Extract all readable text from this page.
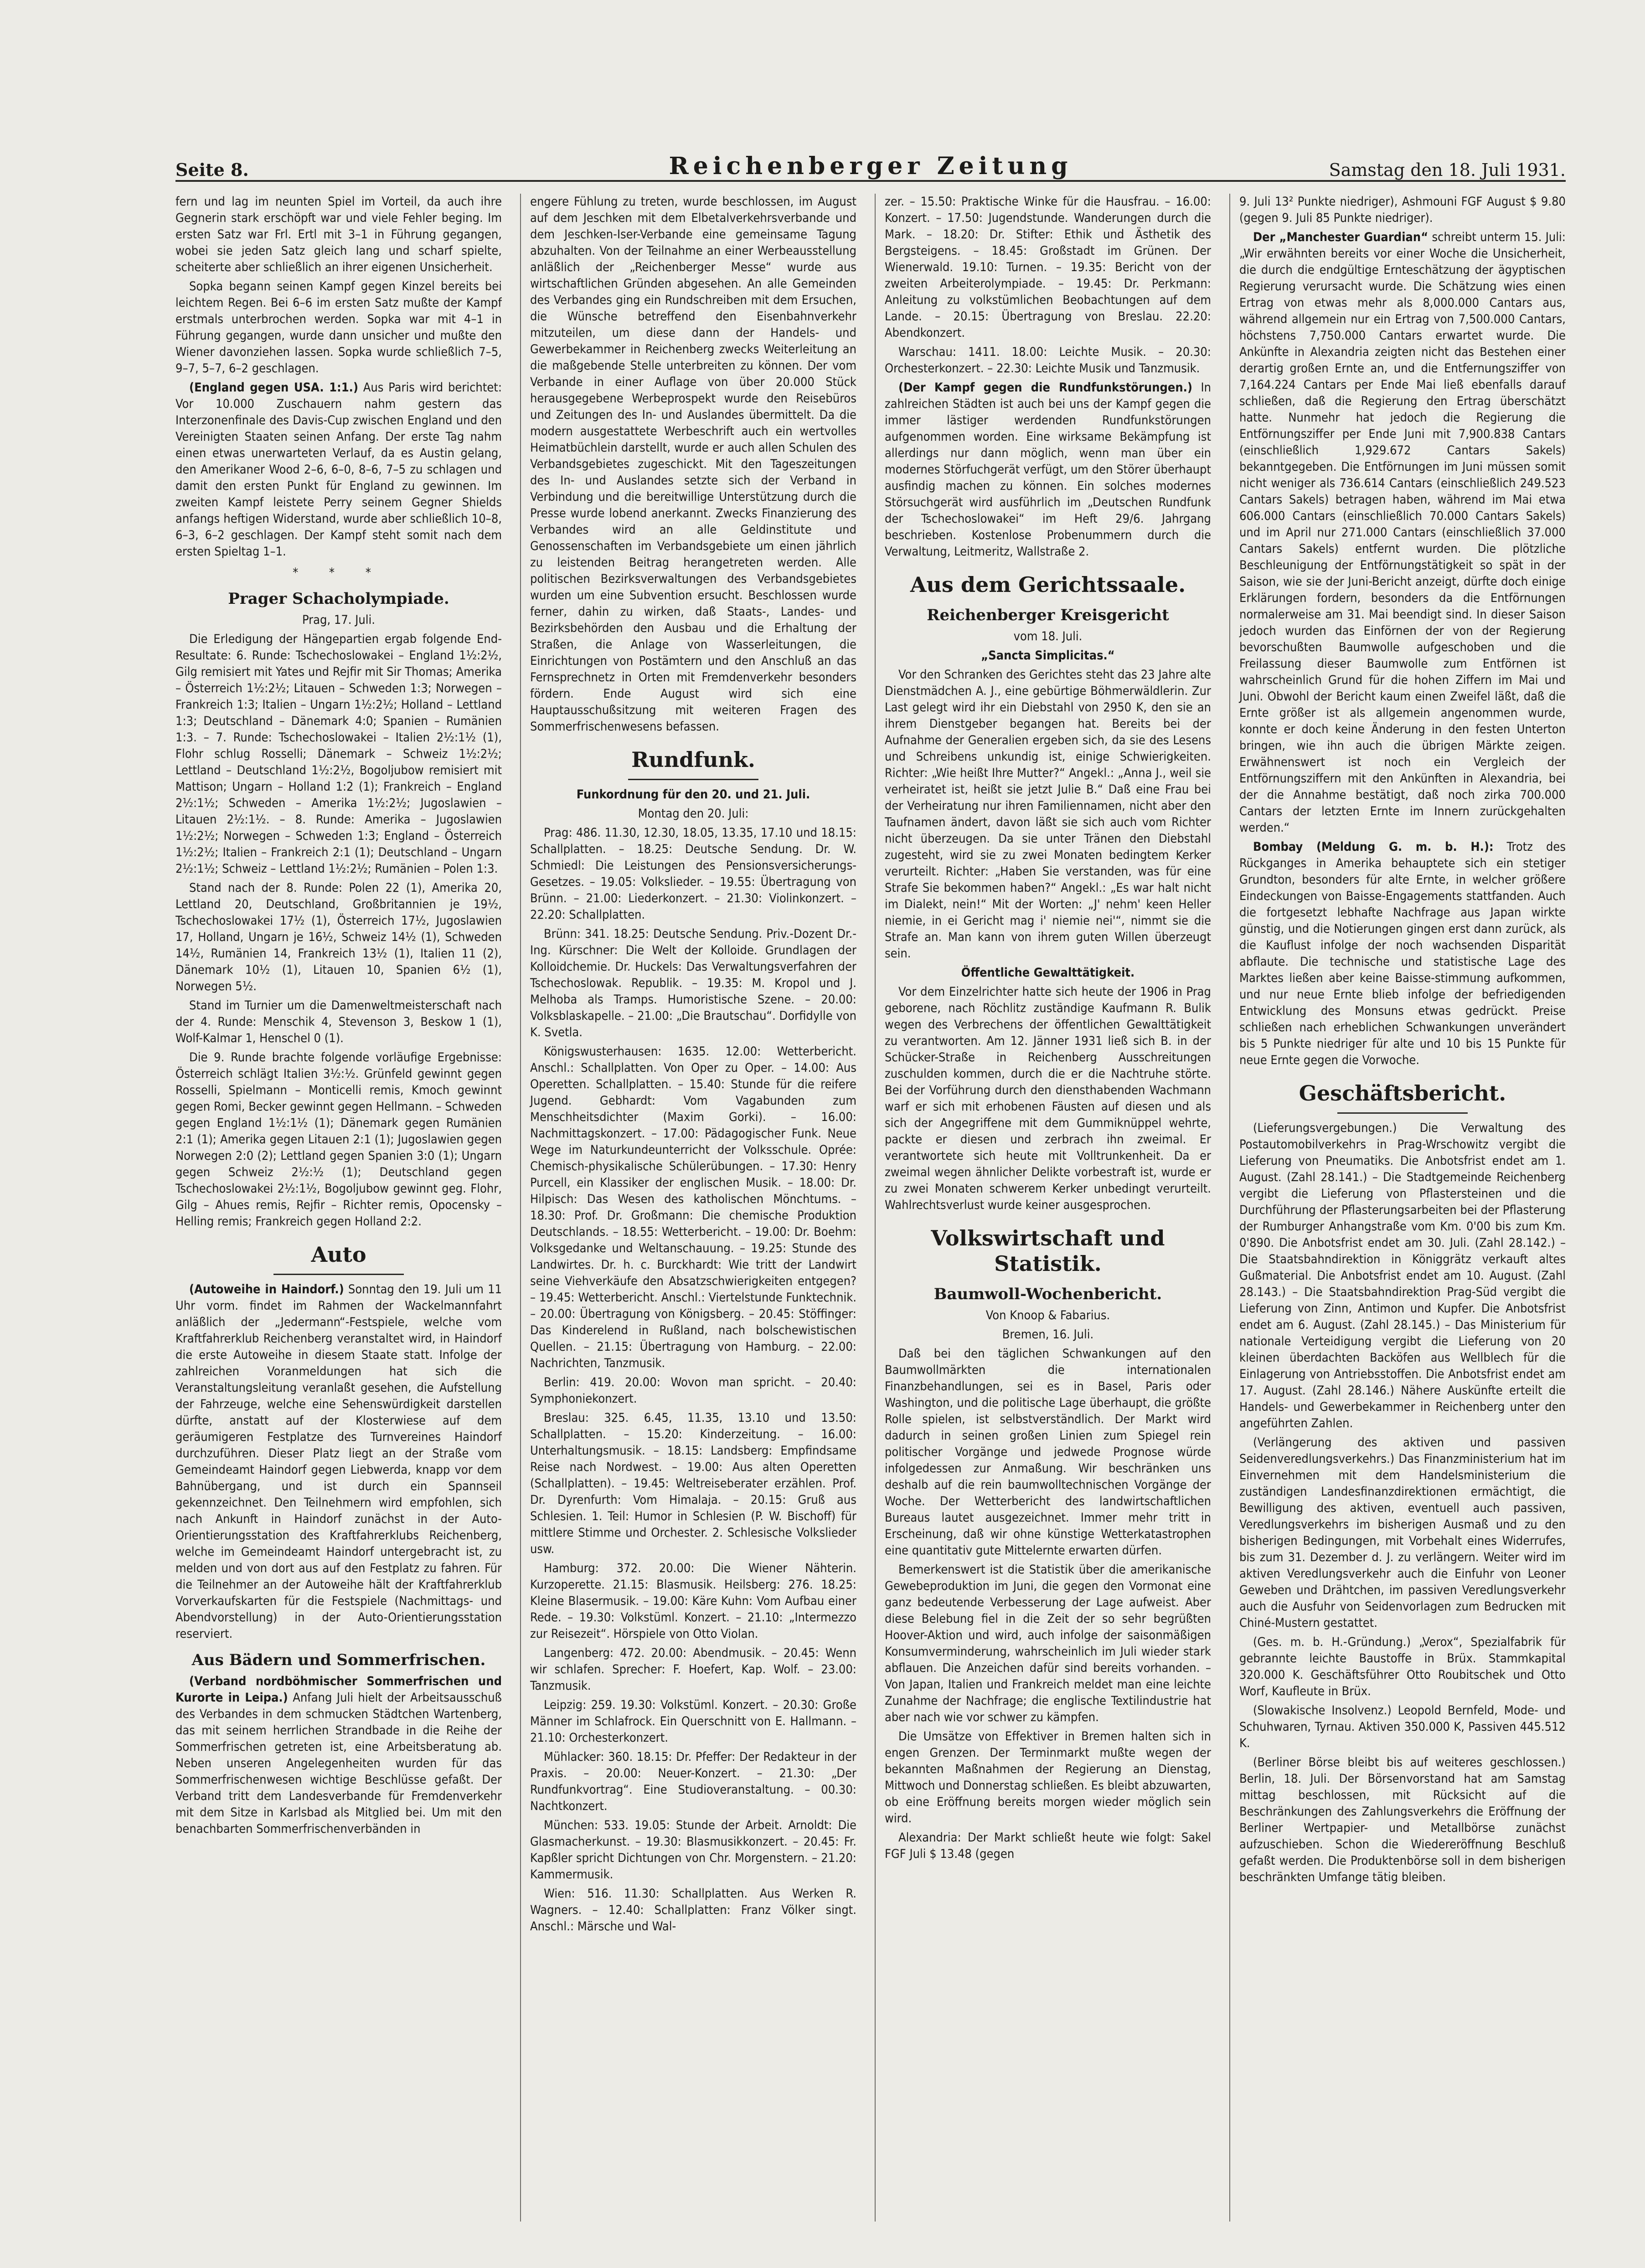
Seite 8.	Reichenberger Zeitung	Samstag den 18. Juli 1931.

fern und lag im neunten Spiel im Vorteil, da auch ihre Gegnerin stark erschöpft war und viele Fehler beging. Im ersten Satz war Frl. Ertl mit 3–1 in Führung gegangen, wobei sie jeden Satz gleich lang und scharf spielte, scheiterte aber schließlich an ihrer eigenen Unsicherheit.

Sopka begann seinen Kampf gegen Kinzel bereits bei leichtem Regen. Bei 6–6 im ersten Satz mußte der Kampf erstmals unterbrochen werden. Sopka war mit 4–1 in Führung gegangen, wurde dann unsicher und mußte den Wiener davonziehen lassen. Sopka wurde schließlich 7–5, 9–7, 5–7, 6–2 geschlagen.

(England gegen USA. 1:1.) Aus Paris wird berichtet: Vor 10.000 Zuschauern nahm gestern das Interzonenfinale des Davis-Cup zwischen England und den Vereinigten Staaten seinen Anfang. Der erste Tag nahm einen etwas unerwarteten Verlauf, da es Austin gelang, den Amerikaner Wood 2–6, 6–0, 8–6, 7–5 zu schlagen und damit den ersten Punkt für England zu gewinnen. Im zweiten Kampf leistete Perry seinem Gegner Shields anfangs heftigen Widerstand, wurde aber schließlich 10–8, 6–3, 6–2 geschlagen. Der Kampf steht somit nach dem ersten Spieltag 1–1.

* * *
Prager Schacholympiade.
Prag, 17. Juli.

Die Erledigung der Hängepartien ergab folgende End-Resultate: 6. Runde: Tschechoslowakei – England 1½:2½, Gilg remisiert mit Yates und Rejfir mit Sir Thomas; Amerika – Österreich 1½:2½; Litauen – Schweden 1:3; Norwegen – Frankreich 1:3; Italien – Ungarn 1½:2½; Holland – Lettland 1:3; Deutschland – Dänemark 4:0; Spanien – Rumänien 1:3. – 7. Runde: Tschechoslowakei – Italien 2½:1½ (1), Flohr schlug Rosselli; Dänemark – Schweiz 1½:2½; Lettland – Deutschland 1½:2½, Bogoljubow remisiert mit Mattison; Ungarn – Holland 1:2 (1); Frankreich – England 2½:1½; Schweden – Amerika 1½:2½; Jugoslawien – Litauen 2½:1½. – 8. Runde: Amerika – Jugoslawien 1½:2½; Norwegen – Schweden 1:3; England – Österreich 1½:2½; Italien – Frankreich 2:1 (1); Deutschland – Ungarn 2½:1½; Schweiz – Lettland 1½:2½; Rumänien – Polen 1:3.

Stand nach der 8. Runde: Polen 22 (1), Amerika 20, Lettland 20, Deutschland, Großbritannien je 19½, Tschechoslowakei 17½ (1), Österreich 17½, Jugoslawien 17, Holland, Ungarn je 16½, Schweiz 14½ (1), Schweden 14½, Rumänien 14, Frankreich 13½ (1), Italien 11 (2), Dänemark 10½ (1), Litauen 10, Spanien 6½ (1), Norwegen 5½.

Stand im Turnier um die Damenweltmeisterschaft nach der 4. Runde: Menschik 4, Stevenson 3, Beskow 1 (1), Wolf-Kalmar 1, Henschel 0 (1).

Die 9. Runde brachte folgende vorläufige Ergebnisse: Österreich schlägt Italien 3½:½. Grünfeld gewinnt gegen Rosselli, Spielmann – Monticelli remis, Kmoch gewinnt gegen Romi, Becker gewinnt gegen Hellmann. – Schweden gegen England 1½:1½ (1); Dänemark gegen Rumänien 2:1 (1); Amerika gegen Litauen 2:1 (1); Jugoslawien gegen Norwegen 2:0 (2); Lettland gegen Spanien 3:0 (1); Ungarn gegen Schweiz 2½:½ (1); Deutschland gegen Tschechoslowakei 2½:1½, Bogoljubow gewinnt geg. Flohr, Gilg – Ahues remis, Rejfir – Richter remis, Opocensky – Helling remis; Frankreich gegen Holland 2:2.

Auto

(Autoweihe in Haindorf.) Sonntag den 19. Juli um 11 Uhr vorm. findet im Rahmen der Wackelmannfahrt anläßlich der „Jedermann“-Festspiele, welche vom Kraftfahrerklub Reichenberg veranstaltet wird, in Haindorf die erste Autoweihe in diesem Staate statt. Infolge der zahlreichen Voranmeldungen hat sich die Veranstaltungsleitung veranlaßt gesehen, die Aufstellung der Fahrzeuge, welche eine Sehenswürdigkeit darstellen dürfte, anstatt auf der Klosterwiese auf dem geräumigeren Festplatze des Turnvereines Haindorf durchzuführen. Dieser Platz liegt an der Straße vom Gemeindeamt Haindorf gegen Liebwerda, knapp vor dem Bahnübergang, und ist durch ein Spannseil gekennzeichnet. Den Teilnehmern wird empfohlen, sich nach Ankunft in Haindorf zunächst in der Auto-Orientierungsstation des Kraftfahrerklubs Reichenberg, welche im Gemeindeamt Haindorf untergebracht ist, zu melden und von dort aus auf den Festplatz zu fahren. Für die Teilnehmer an der Autoweihe hält der Kraftfahrerklub Vorverkaufskarten für die Festspiele (Nachmittags- und Abendvorstellung) in der Auto-Orientierungsstation reserviert.

Aus Bädern und Sommerfrischen.

(Verband nordböhmischer Sommerfrischen und Kurorte in Leipa.) Anfang Juli hielt der Arbeitsausschuß des Verbandes in dem schmucken Städtchen Wartenberg, das mit seinem herrlichen Strandbade in die Reihe der Sommerfrischen getreten ist, eine Arbeitsberatung ab. Neben unseren Angelegenheiten wurden für das Sommerfrischenwesen wichtige Beschlüsse gefaßt. Der Verband tritt dem Landesverbande für Fremdenverkehr mit dem Sitze in Karlsbad als Mitglied bei. Um mit den benachbarten Sommerfrischenverbänden in

engere Fühlung zu treten, wurde beschlossen, im August auf dem Jeschken mit dem Elbetalverkehrsverbande und dem Jeschken-Iser-Verbande eine gemeinsame Tagung abzuhalten. Von der Teilnahme an einer Werbeausstellung anläßlich der „Reichenberger Messe“ wurde aus wirtschaftlichen Gründen abgesehen. An alle Gemeinden des Verbandes ging ein Rundschreiben mit dem Ersuchen, die Wünsche betreffend den Eisenbahnverkehr mitzuteilen, um diese dann der Handels- und Gewerbekammer in Reichenberg zwecks Weiterleitung an die maßgebende Stelle unterbreiten zu können. Der vom Verbande in einer Auflage von über 20.000 Stück herausgegebene Werbeprospekt wurde den Reisebüros und Zeitungen des In- und Auslandes übermittelt. Da die modern ausgestattete Werbeschrift auch ein wertvolles Heimatbüchlein darstellt, wurde er auch allen Schulen des Verbandsgebietes zugeschickt. Mit den Tageszeitungen des In- und Auslandes setzte sich der Verband in Verbindung und die bereitwillige Unterstützung durch die Presse wurde lobend anerkannt. Zwecks Finanzierung des Verbandes wird an alle Geldinstitute und Genossenschaften im Verbandsgebiete um einen jährlich zu leistenden Beitrag herangetreten werden. Alle politischen Bezirksverwaltungen des Verbandsgebietes wurden um eine Subvention ersucht. Beschlossen wurde ferner, dahin zu wirken, daß Staats-, Landes- und Bezirksbehörden den Ausbau und die Erhaltung der Straßen, die Anlage von Wasserleitungen, die Einrichtungen von Postämtern und den Anschluß an das Fernsprechnetz in Orten mit Fremdenverkehr besonders fördern. Ende August wird sich eine Hauptausschußsitzung mit weiteren Fragen des Sommerfrischenwesens befassen.

Rundfunk.
Funkordnung für den 20. und 21. Juli.
Montag den 20. Juli:

Prag: 486. 11.30, 12.30, 18.05, 13.35, 17.10 und 18.15: Schallplatten. – 18.25: Deutsche Sendung. Dr. W. Schmiedl: Die Leistungen des Pensionsversicherungs-Gesetzes. – 19.05: Volkslieder. – 19.55: Übertragung von Brünn. – 21.00: Liederkonzert. – 21.30: Violinkonzert. – 22.20: Schallplatten.

Brünn: 341. 18.25: Deutsche Sendung. Priv.-Dozent Dr.-Ing. Kürschner: Die Welt der Kolloide. Grundlagen der Kolloidchemie. Dr. Huckels: Das Verwaltungsverfahren der Tschechoslowak. Republik. – 19.35: M. Kropol und J. Melhoba als Tramps. Humoristische Szene. – 20.00: Volksblaskapelle. – 21.00: „Die Brautschau“. Dorfidylle von K. Svetla.

Königswusterhausen: 1635. 12.00: Wetterbericht. Anschl.: Schallplatten. Von Oper zu Oper. – 14.00: Aus Operetten. Schallplatten. – 15.40: Stunde für die reifere Jugend. Gebhardt: Vom Vagabunden zum Menschheitsdichter (Maxim Gorki). – 16.00: Nachmittagskonzert. – 17.00: Pädagogischer Funk. Neue Wege im Naturkundeunterricht der Volksschule. Oprée: Chemisch-physikalische Schülerübungen. – 17.30: Henry Purcell, ein Klassiker der englischen Musik. – 18.00: Dr. Hilpisch: Das Wesen des katholischen Mönchtums. – 18.30: Prof. Dr. Großmann: Die chemische Produktion Deutschlands. – 18.55: Wetterbericht. – 19.00: Dr. Boehm: Volksgedanke und Weltanschauung. – 19.25: Stunde des Landwirtes. Dr. h. c. Burckhardt: Wie tritt der Landwirt seine Viehverkäufe den Absatzschwierigkeiten entgegen? – 19.45: Wetterbericht. Anschl.: Viertelstunde Funktechnik. – 20.00: Übertragung von Königsberg. – 20.45: Stöffinger: Das Kinderelend in Rußland, nach bolschewistischen Quellen. – 21.15: Übertragung von Hamburg. – 22.00: Nachrichten, Tanzmusik.

Berlin: 419. 20.00: Wovon man spricht. – 20.40: Symphoniekonzert.

Breslau: 325. 6.45, 11.35, 13.10 und 13.50: Schallplatten. – 15.20: Kinderzeitung. – 16.00: Unterhaltungsmusik. – 18.15: Landsberg: Empfindsame Reise nach Nordwest. – 19.00: Aus alten Operetten (Schallplatten). – 19.45: Weltreiseberater erzählen. Prof. Dr. Dyrenfurth: Vom Himalaja. – 20.15: Gruß aus Schlesien. 1. Teil: Humor in Schlesien (P. W. Bischoff) für mittlere Stimme und Orchester. 2. Schlesische Volkslieder usw.

Hamburg: 372. 20.00: Die Wiener Nähterin. Kurzoperette. 21.15: Blasmusik. Heilsberg: 276. 18.25: Kleine Blasermusik. – 19.00: Käre Kuhn: Vom Aufbau einer Rede. – 19.30: Volkstüml. Konzert. – 21.10: „Intermezzo zur Reisezeit“. Hörspiele von Otto Violan.

Langenberg: 472. 20.00: Abendmusik. – 20.45: Wenn wir schlafen. Sprecher: F. Hoefert, Kap. Wolf. – 23.00: Tanzmusik.

Leipzig: 259. 19.30: Volkstüml. Konzert. – 20.30: Große Männer im Schlafrock. Ein Querschnitt von E. Hallmann. – 21.10: Orchesterkonzert.

Mühlacker: 360. 18.15: Dr. Pfeffer: Der Redakteur in der Praxis. – 20.00: Neuer-Konzert. – 21.30: „Der Rundfunkvortrag“. Eine Studioveranstaltung. – 00.30: Nachtkonzert.

München: 533. 19.05: Stunde der Arbeit. Arnoldt: Die Glasmacherkunst. – 19.30: Blasmusikkonzert. – 20.45: Fr. Kapßler spricht Dichtungen von Chr. Morgenstern. – 21.20: Kammermusik.

Wien: 516. 11.30: Schallplatten. Aus Werken R. Wagners. – 12.40: Schallplatten: Franz Völker singt. Anschl.: Märsche und Wal-

zer. – 15.50: Praktische Winke für die Hausfrau. – 16.00: Konzert. – 17.50: Jugendstunde. Wanderungen durch die Mark. – 18.20: Dr. Stifter: Ethik und Ästhetik des Bergsteigens. – 18.45: Großstadt im Grünen. Der Wienerwald. 19.10: Turnen. – 19.35: Bericht von der zweiten Arbeiterolympiade. – 19.45: Dr. Perkmann: Anleitung zu volkstümlichen Beobachtungen auf dem Lande. – 20.15: Übertragung von Breslau. 22.20: Abendkonzert.

Warschau: 1411. 18.00: Leichte Musik. – 20.30: Orchesterkonzert. – 22.30: Leichte Musik und Tanzmusik.

(Der Kampf gegen die Rundfunkstörungen.) In zahlreichen Städten ist auch bei uns der Kampf gegen die immer lästiger werdenden Rundfunkstörungen aufgenommen worden. Eine wirksame Bekämpfung ist allerdings nur dann möglich, wenn man über ein modernes Störfuchgerät verfügt, um den Störer überhaupt ausfindig machen zu können. Ein solches modernes Störsuchgerät wird ausführlich im „Deutschen Rundfunk der Tschechoslowakei“ im Heft 29/6. Jahrgang beschrieben. Kostenlose Probenummern durch die Verwaltung, Leitmeritz, Wallstraße 2.

Aus dem Gerichtssaale.
Reichenberger Kreisgericht
vom 18. Juli.
„Sancta Simplicitas.“

Vor den Schranken des Gerichtes steht das 23 Jahre alte Dienstmädchen A. J., eine gebürtige Böhmerwäldlerin. Zur Last gelegt wird ihr ein Diebstahl von 2950 K, den sie an ihrem Dienstgeber begangen hat. Bereits bei der Aufnahme der Generalien ergeben sich, da sie des Lesens und Schreibens unkundig ist, einige Schwierigkeiten. Richter: „Wie heißt Ihre Mutter?“ Angekl.: „Anna J., weil sie verheiratet ist, heißt sie jetzt Julie B.“ Daß eine Frau bei der Verheiratung nur ihren Familiennamen, nicht aber den Taufnamen ändert, davon läßt sie sich auch vom Richter nicht überzeugen. Da sie unter Tränen den Diebstahl zugesteht, wird sie zu zwei Monaten bedingtem Kerker verurteilt. Richter: „Haben Sie verstanden, was für eine Strafe Sie bekommen haben?“ Angekl.: „Es war halt nicht im Dialekt, nein!“ Mit der Worten: „J' nehm' keen Heller niemie, in ei Gericht mag i' niemie nei'“, nimmt sie die Strafe an. Man kann von ihrem guten Willen überzeugt sein.

Öffentliche Gewalttätigkeit.

Vor dem Einzelrichter hatte sich heute der 1906 in Prag geborene, nach Röchlitz zuständige Kaufmann R. Bulik wegen des Verbrechens der öffentlichen Gewalttätigkeit zu verantworten. Am 12. Jänner 1931 ließ sich B. in der Schücker-Straße in Reichenberg Ausschreitungen zuschulden kommen, durch die er die Nachtruhe störte. Bei der Vorführung durch den diensthabenden Wachmann warf er sich mit erhobenen Fäusten auf diesen und als sich der Angegriffene mit dem Gummiknüppel wehrte, packte er diesen und zerbrach ihn zweimal. Er verantwortete sich heute mit Volltrunkenheit. Da er zweimal wegen ähnlicher Delikte vorbestraft ist, wurde er zu zwei Monaten schwerem Kerker unbedingt verurteilt. Wahlrechtsverlust wurde keiner ausgesprochen.

Volkswirtschaft und Statistik.
Baumwoll-Wochenbericht.
Von Knoop & Fabarius.
Bremen, 16. Juli.

Daß bei den täglichen Schwankungen auf den Baumwollmärkten die internationalen Finanzbehandlungen, sei es in Basel, Paris oder Washington, und die politische Lage überhaupt, die größte Rolle spielen, ist selbstverständlich. Der Markt wird dadurch in seinen großen Linien zum Spiegel rein politischer Vorgänge und jedwede Prognose würde infolgedessen zur Anmaßung. Wir beschränken uns deshalb auf die rein baumwolltechnischen Vorgänge der Woche. Der Wetterbericht des landwirtschaftlichen Bureaus lautet ausgezeichnet. Immer mehr tritt in Erscheinung, daß wir ohne künstige Wetterkatastrophen eine quantitativ gute Mittelernte erwarten dürfen.

Bemerkenswert ist die Statistik über die amerikanische Gewebeproduktion im Juni, die gegen den Vormonat eine ganz bedeutende Verbesserung der Lage aufweist. Aber diese Belebung fiel in die Zeit der so sehr begrüßten Hoover-Aktion und wird, auch infolge der saisonmäßigen Konsumverminderung, wahrscheinlich im Juli wieder stark abflauen. Die Anzeichen dafür sind bereits vorhanden. – Von Japan, Italien und Frankreich meldet man eine leichte Zunahme der Nachfrage; die englische Textilindustrie hat aber nach wie vor schwer zu kämpfen.

Die Umsätze von Effektiver in Bremen halten sich in engen Grenzen. Der Terminmarkt mußte wegen der bekannten Maßnahmen der Regierung an Dienstag, Mittwoch und Donnerstag schließen. Es bleibt abzuwarten, ob eine Eröffnung bereits morgen wieder möglich sein wird.

Alexandria: Der Markt schließt heute wie folgt: Sakel FGF Juli $ 13.48 (gegen

9. Juli 13² Punkte niedriger), Ashmouni FGF August $ 9.80 (gegen 9. Juli 85 Punkte niedriger).

Der „Manchester Guardian“ schreibt unterm 15. Juli: „Wir erwähnten bereits vor einer Woche die Unsicherheit, die durch die endgültige Ernteschätzung der ägyptischen Regierung verursacht wurde. Die Schätzung wies einen Ertrag von etwas mehr als 8,000.000 Cantars aus, während allgemein nur ein Ertrag von 7,500.000 Cantars, höchstens 7,750.000 Cantars erwartet wurde. Die Ankünfte in Alexandria zeigten nicht das Bestehen einer derartig großen Ernte an, und die Entfernungsziffer von 7,164.224 Cantars per Ende Mai ließ ebenfalls darauf schließen, daß die Regierung den Ertrag überschätzt hatte. Nunmehr hat jedoch die Regierung die Entförnungsziffer per Ende Juni mit 7,900.838 Cantars (einschließlich 1,929.672 Cantars Sakels) bekanntgegeben. Die Entförnungen im Juni müssen somit nicht weniger als 736.614 Cantars (einschließlich 249.523 Cantars Sakels) betragen haben, während im Mai etwa 606.000 Cantars (einschließlich 70.000 Cantars Sakels) und im April nur 271.000 Cantars (einschließlich 37.000 Cantars Sakels) entfernt wurden. Die plötzliche Beschleunigung der Entförnungstätigkeit so spät in der Saison, wie sie der Juni-Bericht anzeigt, dürfte doch einige Erklärungen fordern, besonders da die Entförnungen normalerweise am 31. Mai beendigt sind. In dieser Saison jedoch wurden das Einförnen der von der Regierung bevorschußten Baumwolle aufgeschoben und die Freilassung dieser Baumwolle zum Entförnen ist wahrscheinlich Grund für die hohen Ziffern im Mai und Juni. Obwohl der Bericht kaum einen Zweifel läßt, daß die Ernte größer ist als allgemein angenommen wurde, konnte er doch keine Änderung in den festen Unterton bringen, wie ihn auch die übrigen Märkte zeigen. Erwähnenswert ist noch ein Vergleich der Entförnungsziffern mit den Ankünften in Alexandria, bei der die Annahme bestätigt, daß noch zirka 700.000 Cantars der letzten Ernte im Innern zurückgehalten werden.“

Bombay (Meldung G. m. b. H.): Trotz des Rückganges in Amerika behauptete sich ein stetiger Grundton, besonders für alte Ernte, in welcher größere Eindeckungen von Baisse-Engagements stattfanden. Auch die fortgesetzt lebhafte Nachfrage aus Japan wirkte günstig, und die Notierungen gingen erst dann zurück, als die Kauflust infolge der noch wachsenden Disparität abflaute. Die technische und statistische Lage des Marktes ließen aber keine Baisse-stimmung aufkommen, und nur neue Ernte blieb infolge der befriedigenden Entwicklung des Monsuns etwas gedrückt. Preise schließen nach erheblichen Schwankungen unverändert bis 5 Punkte niedriger für alte und 10 bis 15 Punkte für neue Ernte gegen die Vorwoche.

Geschäftsbericht.

(Lieferungsvergebungen.) Die Verwaltung des Postautomobilverkehrs in Prag-Wrschowitz vergibt die Lieferung von Pneumatiks. Die Anbotsfrist endet am 1. August. (Zahl 28.141.) – Die Stadtgemeinde Reichenberg vergibt die Lieferung von Pflastersteinen und die Durchführung der Pflasterungsarbeiten bei der Pflasterung der Rumburger Anhangstraße vom Km. 0'00 bis zum Km. 0'890. Die Anbotsfrist endet am 30. Juli. (Zahl 28.142.) – Die Staatsbahndirektion in Königgrätz verkauft altes Gußmaterial. Die Anbotsfrist endet am 10. August. (Zahl 28.143.) – Die Staatsbahndirektion Prag-Süd vergibt die Lieferung von Zinn, Antimon und Kupfer. Die Anbotsfrist endet am 6. August. (Zahl 28.145.) – Das Ministerium für nationale Verteidigung vergibt die Lieferung von 20 kleinen überdachten Backöfen aus Wellblech für die Einlagerung von Antriebsstoffen. Die Anbotsfrist endet am 17. August. (Zahl 28.146.) Nähere Auskünfte erteilt die Handels- und Gewerbekammer in Reichenberg unter den angeführten Zahlen.

(Verlängerung des aktiven und passiven Seidenveredlungsverkehrs.) Das Finanzministerium hat im Einvernehmen mit dem Handelsministerium die zuständigen Landesfinanzdirektionen ermächtigt, die Bewilligung des aktiven, eventuell auch passiven, Veredlungsverkehrs im bisherigen Ausmaß und zu den bisherigen Bedingungen, mit Vorbehalt eines Widerrufes, bis zum 31. Dezember d. J. zu verlängern. Weiter wird im aktiven Veredlungsverkehr auch die Einfuhr von Leoner Geweben und Drähtchen, im passiven Veredlungsverkehr auch die Ausfuhr von Seidenvorlagen zum Bedrucken mit Chiné-Mustern gestattet.

(Ges. m. b. H.-Gründung.) „Verox“, Spezialfabrik für gebrannte leichte Baustoffe in Brüx. Stammkapital 320.000 K. Geschäftsführer Otto Roubitschek und Otto Worf, Kaufleute in Brüx.

(Slowakische Insolvenz.) Leopold Bernfeld, Mode- und Schuhwaren, Tyrnau. Aktiven 350.000 K, Passiven 445.512 K.

(Berliner Börse bleibt bis auf weiteres geschlossen.) Berlin, 18. Juli. Der Börsenvorstand hat am Samstag mittag beschlossen, mit Rücksicht auf die Beschränkungen des Zahlungsverkehrs die Eröffnung der Berliner Wertpapier- und Metallbörse zunächst aufzuschieben. Schon die Wiedereröffnung Beschluß gefaßt werden. Die Produktenbörse soll in dem bisherigen beschränkten Umfange tätig bleiben.
